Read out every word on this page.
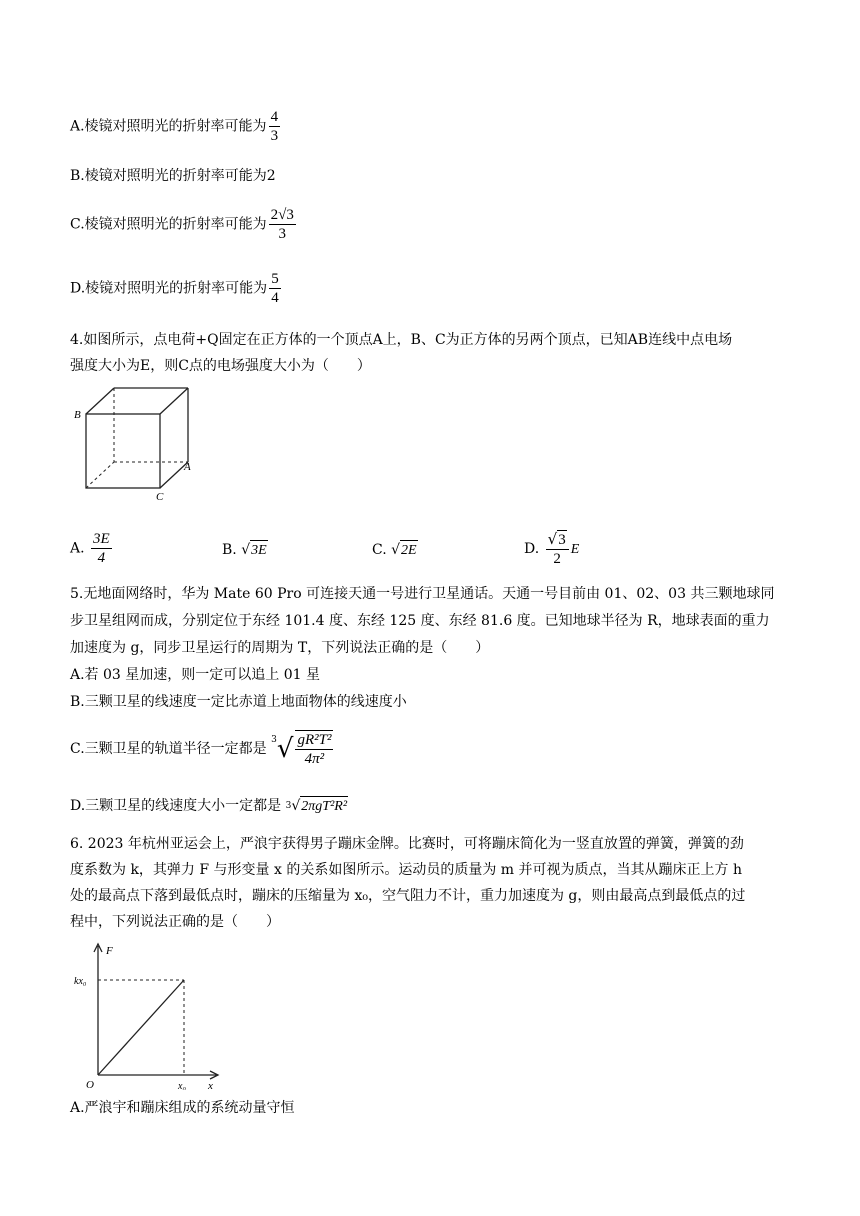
A.棱镜对照明光的折射率可能为 $\frac{4}{3}$
B.棱镜对照明光的折射率可能为2
C.棱镜对照明光的折射率可能为 $\frac{2√3}{3}$
D.棱镜对照明光的折射率可能为 $\frac{5}{4}$
4.如图所示，点电荷+Q固定在正方体的一个顶点A上，B、C为正方体的另两个顶点，已知AB连线中点电场
强度大小为E，则C点的电场强度大小为（　　）
B
A
C
A. $\frac{3E}{4}$	B. √3E	C. √2E	D. $\frac{√3}{2}$ E
5.无地面网络时，华为 Mate 60 Pro 可连接天通一号进行卫星通话。天通一号目前由 01、02、03 共三颗地球同
步卫星组网而成，分别定位于东经 101.4 度、东经 125 度、东经 81.6 度。已知地球半径为 R，地球表面的重力
加速度为 g，同步卫星运行的周期为 T，下列说法正确的是（　　）
A.若 03 星加速，则一定可以追上 01 星
B.三颗卫星的线速度一定比赤道上地面物体的线速度小
C.三颗卫星的轨道半径一定都是 $^3√ \frac{\text{gR²T²}}{\text{4π²}}$
D.三颗卫星的线速度大小一定都是 $^3$√2πgT²R²
6. 2023 年杭州亚运会上，严浪宇获得男子蹦床金牌。比赛时，可将蹦床简化为一竖直放置的弹簧，弹簧的劲
度系数为 k，其弹力 F 与形变量 x 的关系如图所示。运动员的质量为 m 并可视为质点，当其从蹦床正上方 h
处的最高点下落到最低点时，蹦床的压缩量为 x₀，空气阻力不计，重力加速度为 g，则由最高点到最低点的过
程中，下列说法正确的是（　　）
F
kx₀
O	x₀ x
A.严浪宇和蹦床组成的系统动量守恒
